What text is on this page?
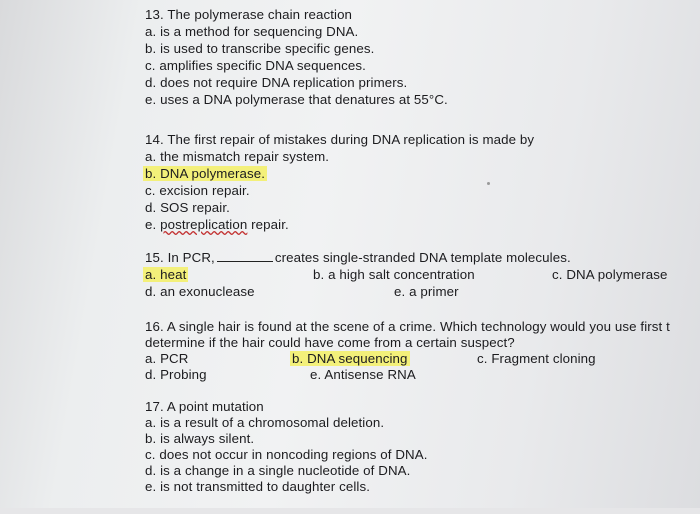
13. The polymerase chain reaction
a. is a method for sequencing DNA.
b. is used to transcribe specific genes.
c. amplifies specific DNA sequences.
d. does not require DNA replication primers.
e. uses a DNA polymerase that denatures at 55°C.
14. The first repair of mistakes during DNA replication is made by
a. the mismatch repair system.
b. DNA polymerase.
c. excision repair.
d. SOS repair.
e. postreplication repair.
15. In PCR,	creates single-stranded DNA template molecules.
a. heat	b. a high salt concentration	c. DNA polymerase
d. an exonuclease	e. a primer
16. A single hair is found at the scene of a crime. Which technology would you use first t
determine if the hair could have come from a certain suspect?
a. PCR	b. DNA sequencing	c. Fragment cloning
d. Probing	e. Antisense RNA
17. A point mutation
a. is a result of a chromosomal deletion.
b. is always silent.
c. does not occur in noncoding regions of DNA.
d. is a change in a single nucleotide of DNA.
e. is not transmitted to daughter cells.
